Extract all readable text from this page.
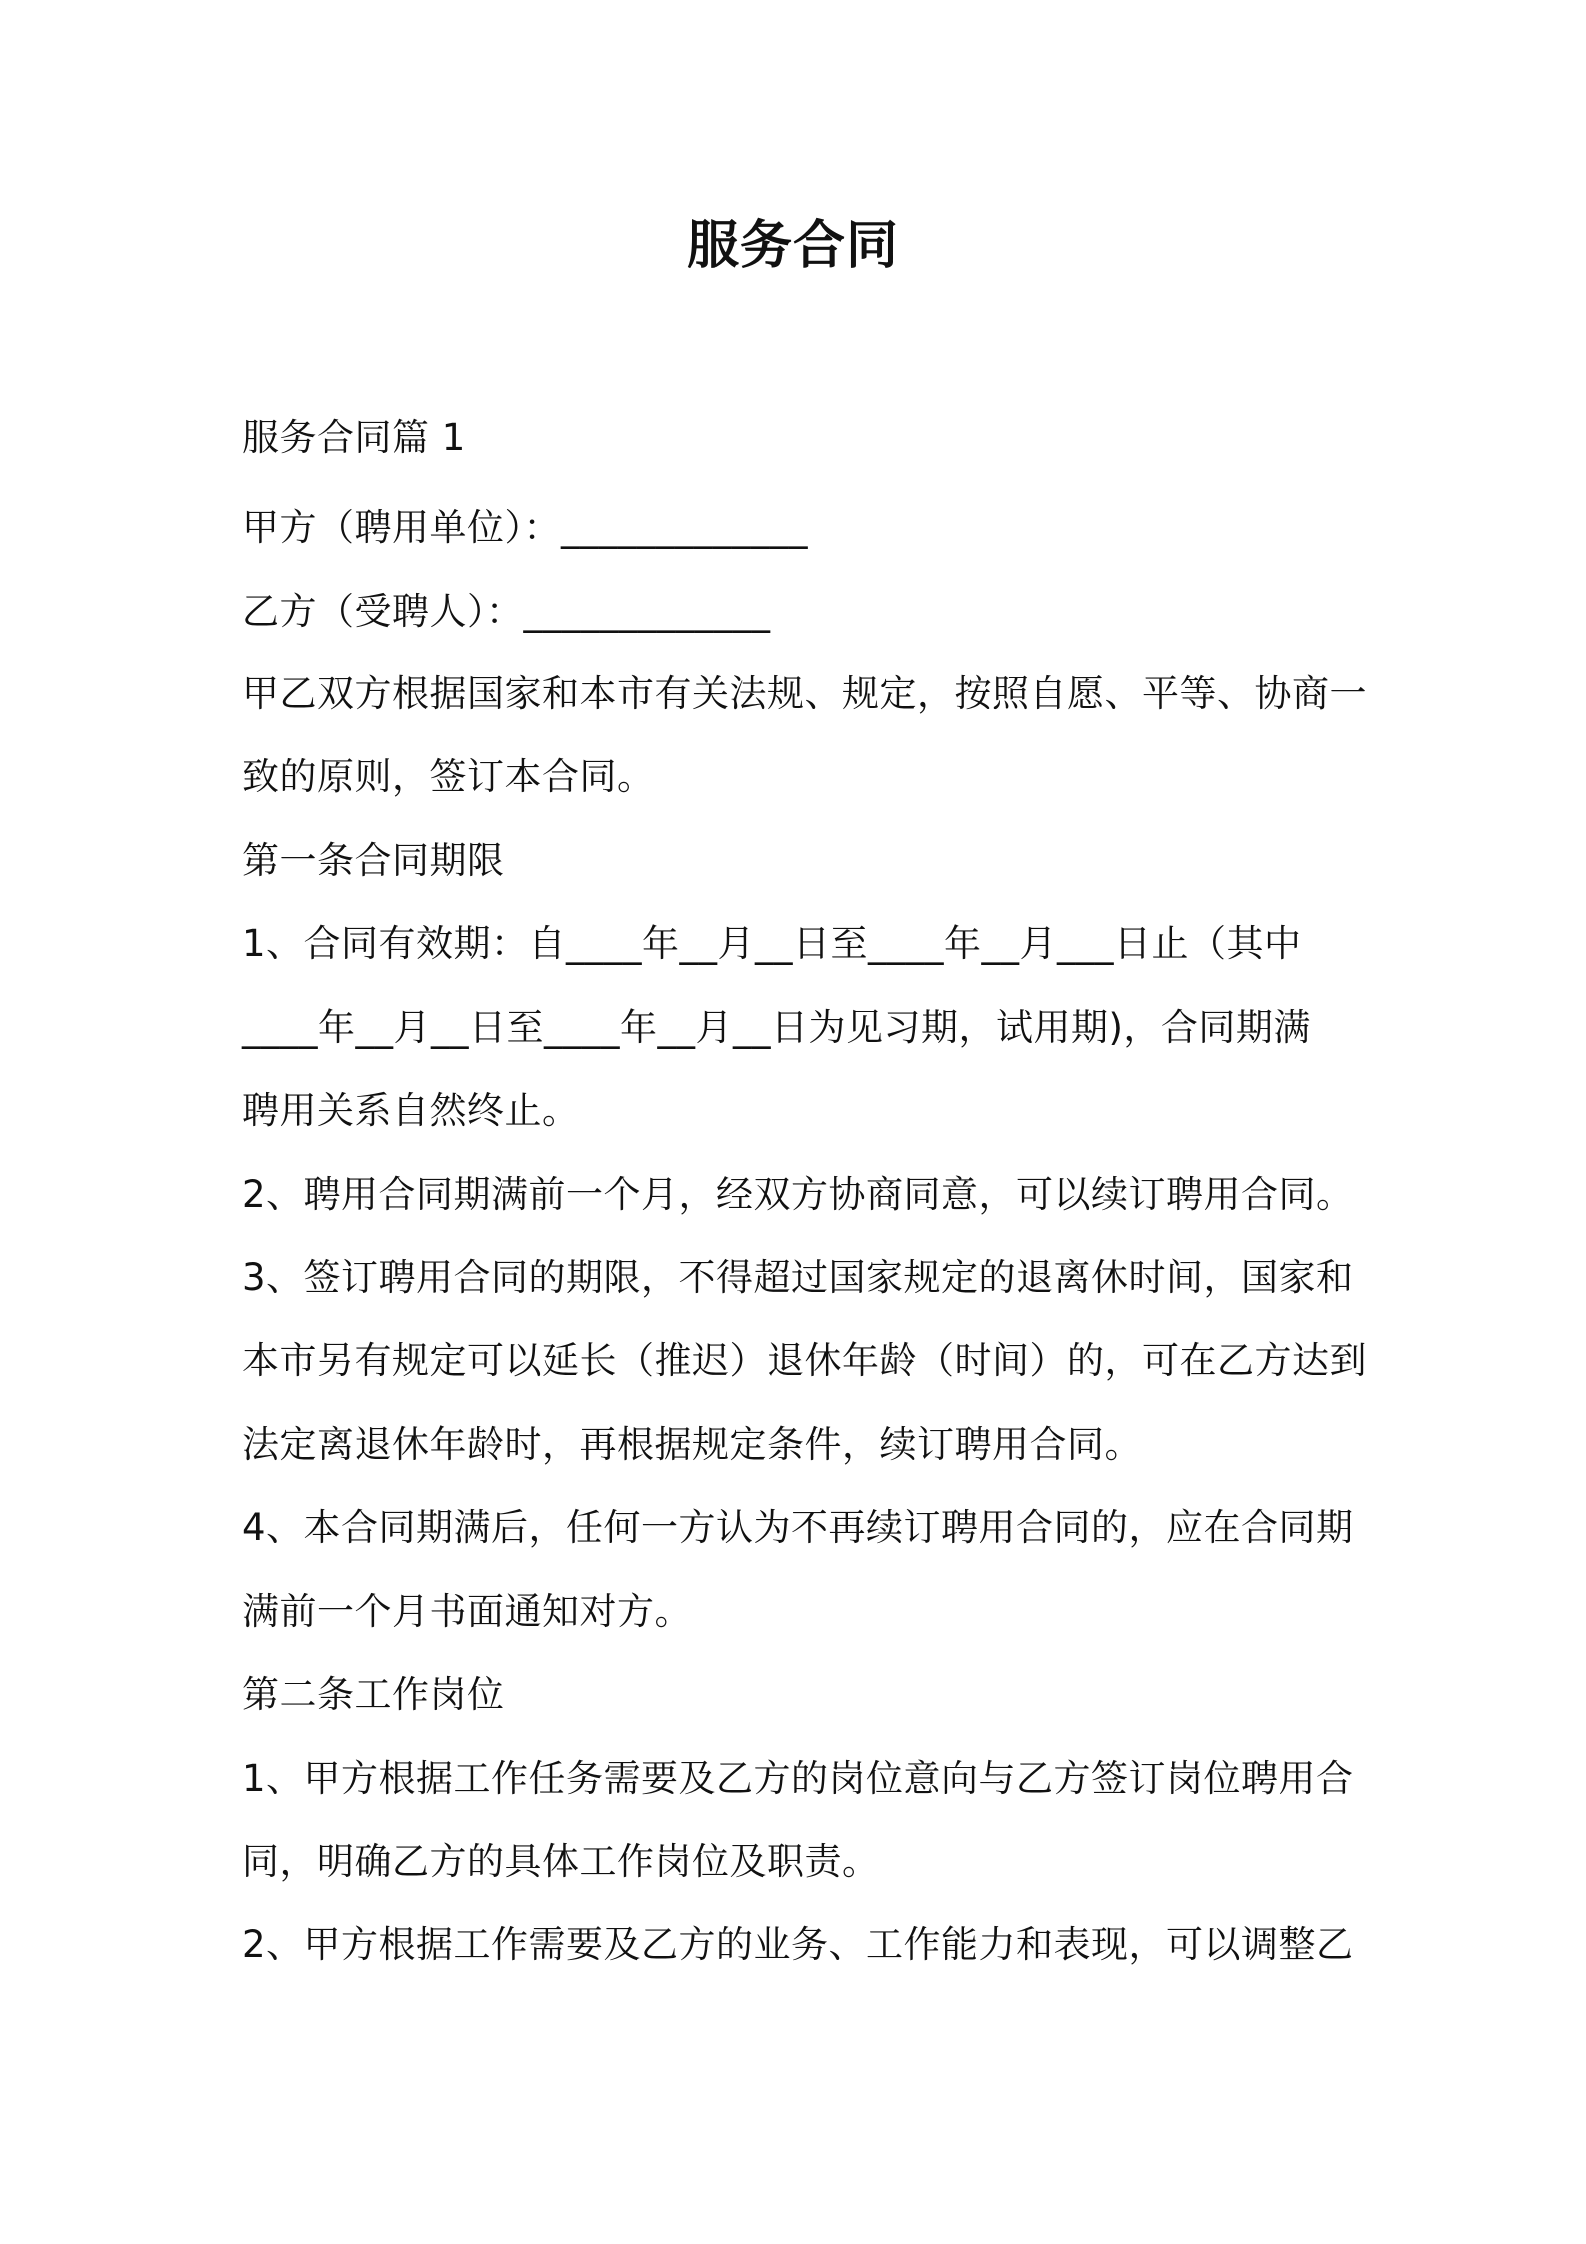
服务合同

服务合同篇 1

甲方（聘用单位）：_____________

乙方（受聘人）：_____________

甲乙双方根据国家和本市有关法规、规定，按照自愿、平等、协商一

致的原则，签订本合同。

第一条合同期限

1、合同有效期：自____年__月__日至____年__月___日止（其中

____年__月__日至____年__月__日为见习期，试用期)，合同期满

聘用关系自然终止。

2、聘用合同期满前一个月，经双方协商同意，可以续订聘用合同。

3、签订聘用合同的期限，不得超过国家规定的退离休时间，国家和

本市另有规定可以延长（推迟）退休年龄（时间）的，可在乙方达到

法定离退休年龄时，再根据规定条件，续订聘用合同。

4、本合同期满后，任何一方认为不再续订聘用合同的，应在合同期

满前一个月书面通知对方。

第二条工作岗位

1、甲方根据工作任务需要及乙方的岗位意向与乙方签订岗位聘用合

同，明确乙方的具体工作岗位及职责。

2、甲方根据工作需要及乙方的业务、工作能力和表现，可以调整乙
